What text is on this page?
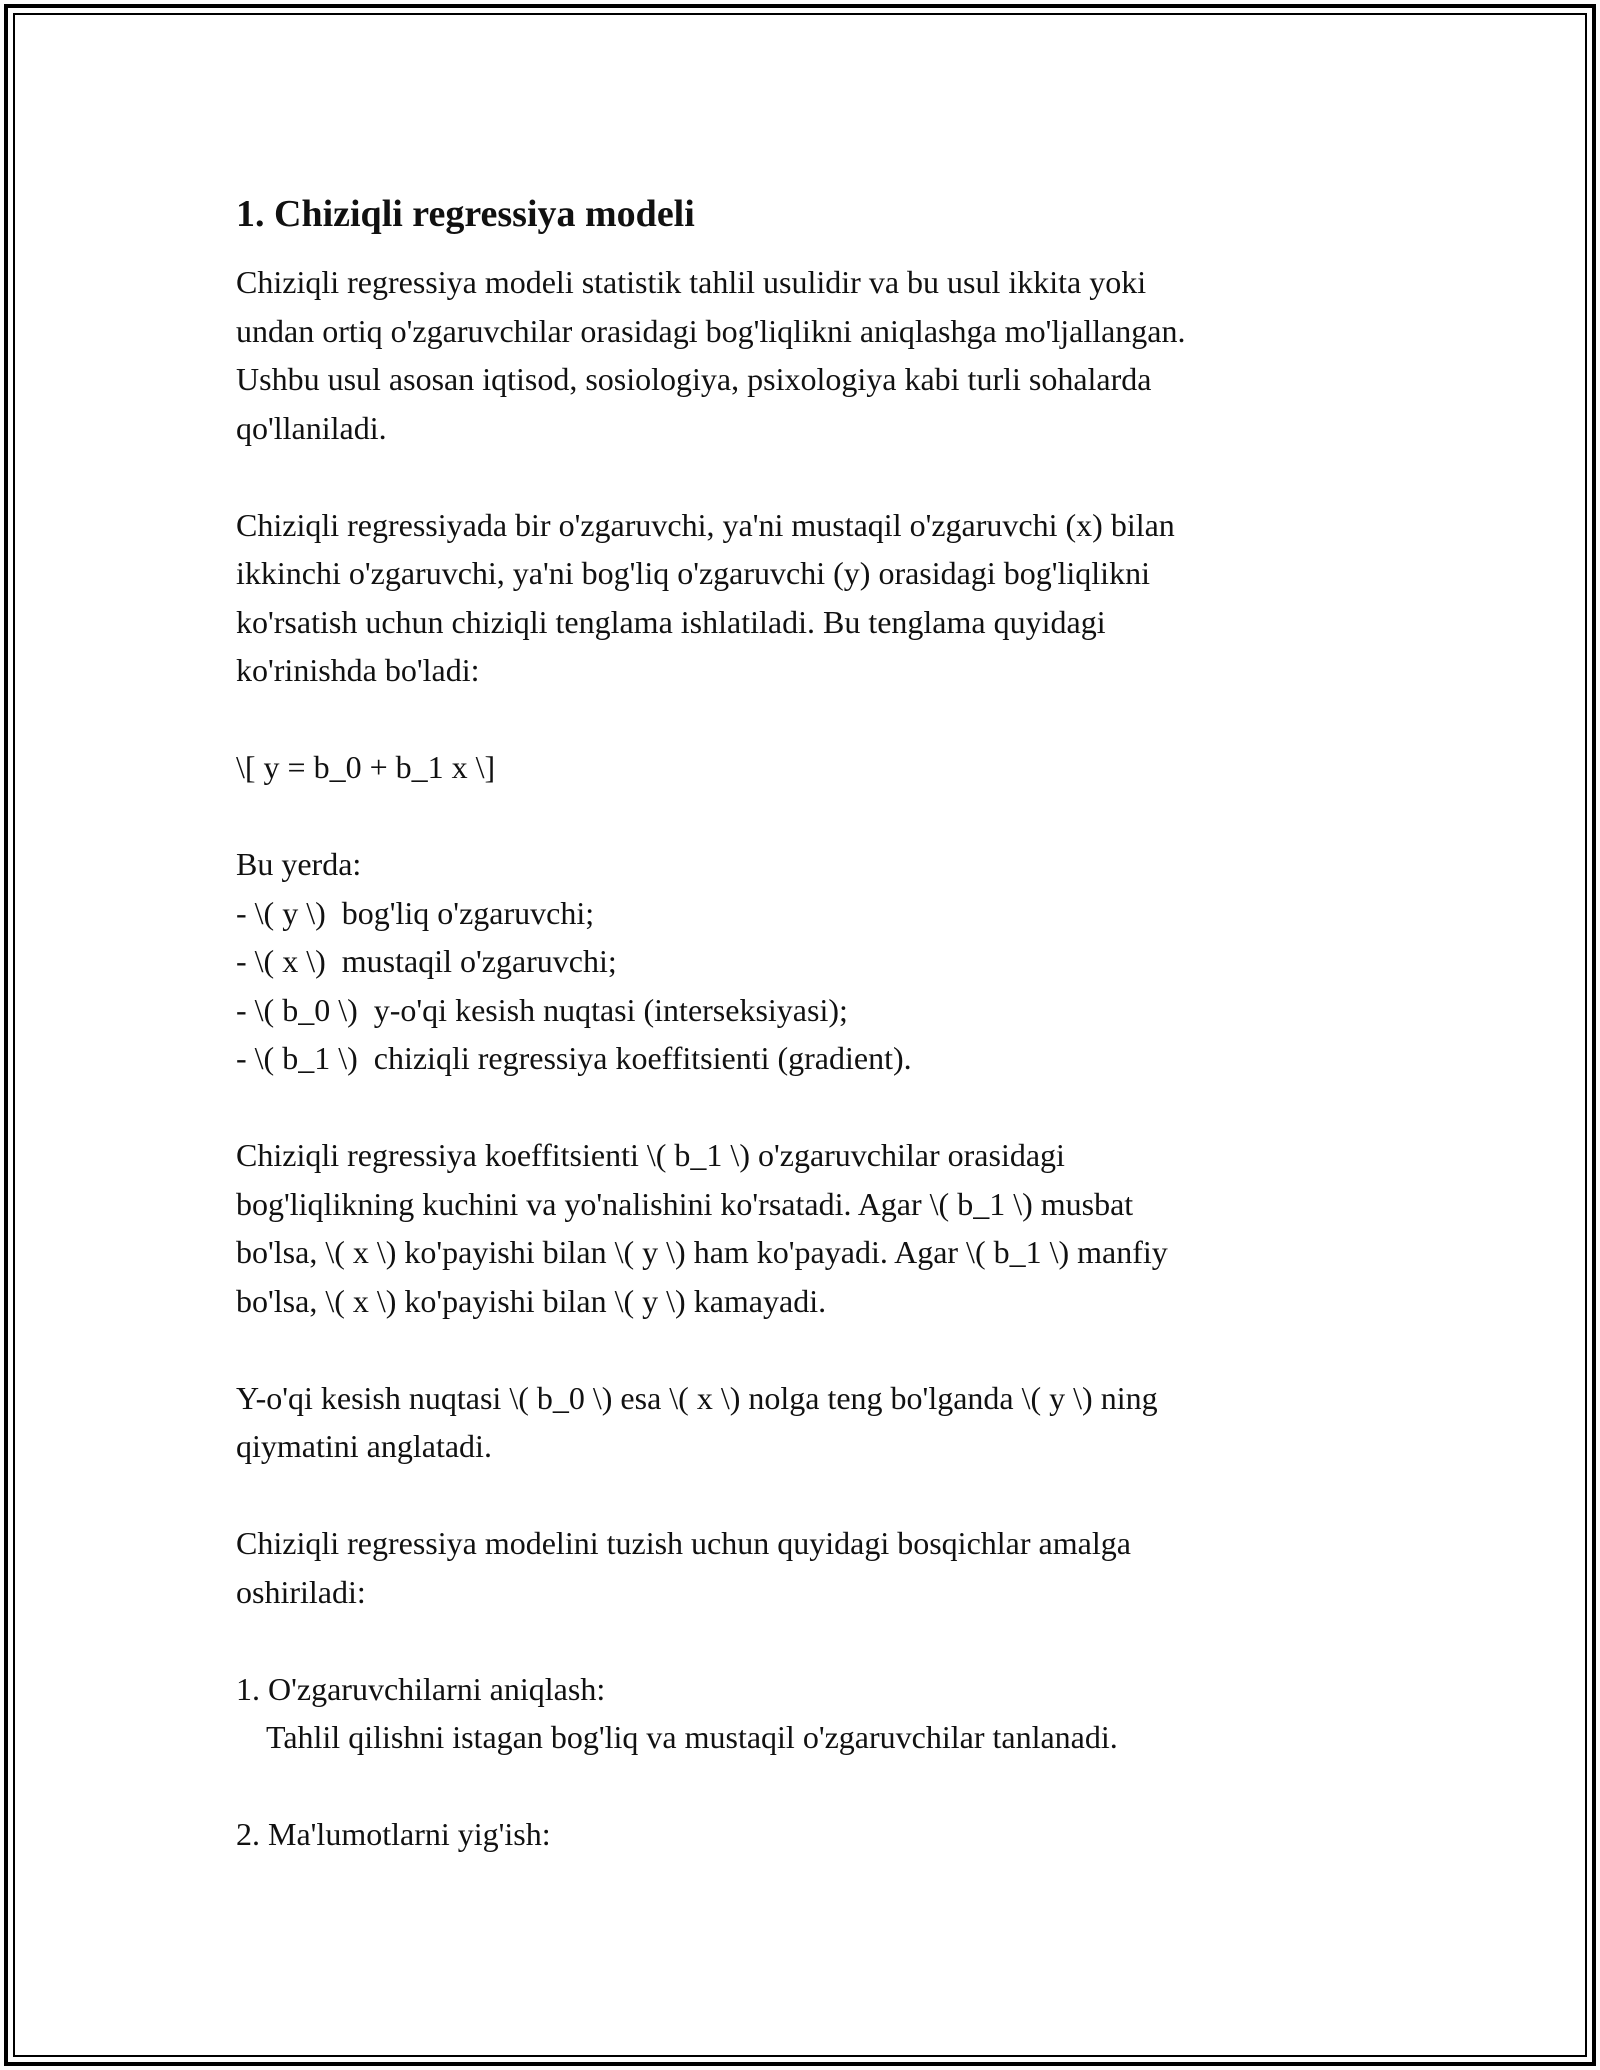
1. Chiziqli regressiya modeli
Chiziqli regressiya modeli statistik tahlil usulidir va bu usul ikkita yoki
undan ortiq o'zgaruvchilar orasidagi bog'liqlikni aniqlashga mo'ljallangan.
Ushbu usul asosan iqtisod, sosiologiya, psixologiya kabi turli sohalarda
qo'llaniladi.
Chiziqli regressiyada bir o'zgaruvchi, ya'ni mustaqil o'zgaruvchi (x) bilan
ikkinchi o'zgaruvchi, ya'ni bog'liq o'zgaruvchi (y) orasidagi bog'liqlikni
ko'rsatish uchun chiziqli tenglama ishlatiladi. Bu tenglama quyidagi
ko'rinishda bo'ladi:
\[ y = b_0 + b_1 x \]
Bu yerda:
- \( y \)  bog'liq o'zgaruvchi;
- \( x \)  mustaqil o'zgaruvchi;
- \( b_0 \)  y-o'qi kesish nuqtasi (interseksiyasi);
- \( b_1 \)  chiziqli regressiya koeffitsienti (gradient).
Chiziqli regressiya koeffitsienti \( b_1 \) o'zgaruvchilar orasidagi
bog'liqlikning kuchini va yo'nalishini ko'rsatadi. Agar \( b_1 \) musbat
bo'lsa, \( x \) ko'payishi bilan \( y \) ham ko'payadi. Agar \( b_1 \) manfiy
bo'lsa, \( x \) ko'payishi bilan \( y \) kamayadi.
Y-o'qi kesish nuqtasi \( b_0 \) esa \( x \) nolga teng bo'lganda \( y \) ning
qiymatini anglatadi.
Chiziqli regressiya modelini tuzish uchun quyidagi bosqichlar amalga
oshiriladi:
1. O'zgaruvchilarni aniqlash:
Tahlil qilishni istagan bog'liq va mustaqil o'zgaruvchilar tanlanadi.
2. Ma'lumotlarni yig'ish:
